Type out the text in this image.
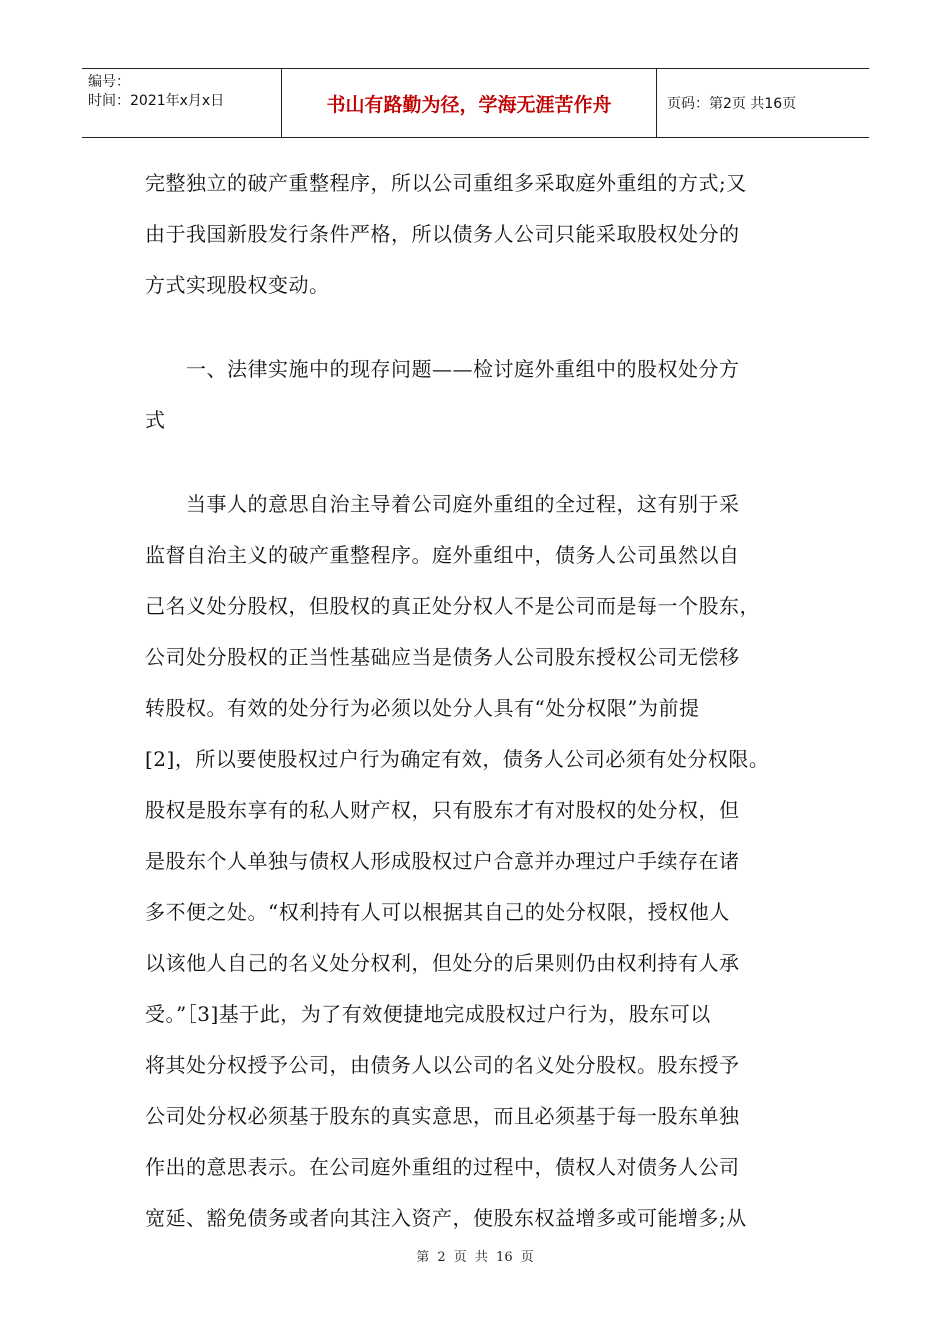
编号：
时间：2021年x月x日	书山有路勤为径，学海无涯苦作舟	页码：第2页 共16页
完整独立的破产重整程序，所以公司重组多采取庭外重组的方式;又
由于我国新股发行条件严格，所以债务人公司只能采取股权处分的
方式实现股权变动。
　　一、法律实施中的现存问题——检讨庭外重组中的股权处分方
式
　　当事人的意思自治主导着公司庭外重组的全过程，这有别于采
监督自治主义的破产重整程序。庭外重组中，债务人公司虽然以自
己名义处分股权，但股权的真正处分权人不是公司而是每一个股东，
公司处分股权的正当性基础应当是债务人公司股东授权公司无偿移
转股权。有效的处分行为必须以处分人具有“处分权限”为前提
[2]，所以要使股权过户行为确定有效，债务人公司必须有处分权限。
股权是股东享有的私人财产权，只有股东才有对股权的处分权，但
是股东个人单独与债权人形成股权过户合意并办理过户手续存在诸
多不便之处。“权利持有人可以根据其自己的处分权限，授权他人
以该他人自己的名义处分权利，但处分的后果则仍由权利持有人承
受。”［3]基于此，为了有效便捷地完成股权过户行为，股东可以
将其处分权授予公司，由债务人以公司的名义处分股权。股东授予
公司处分权必须基于股东的真实意思，而且必须基于每一股东单独
作出的意思表示。在公司庭外重组的过程中，债权人对债务人公司
宽延、豁免债务或者向其注入资产，使股东权益增多或可能增多;从
第 2 页 共 16 页
